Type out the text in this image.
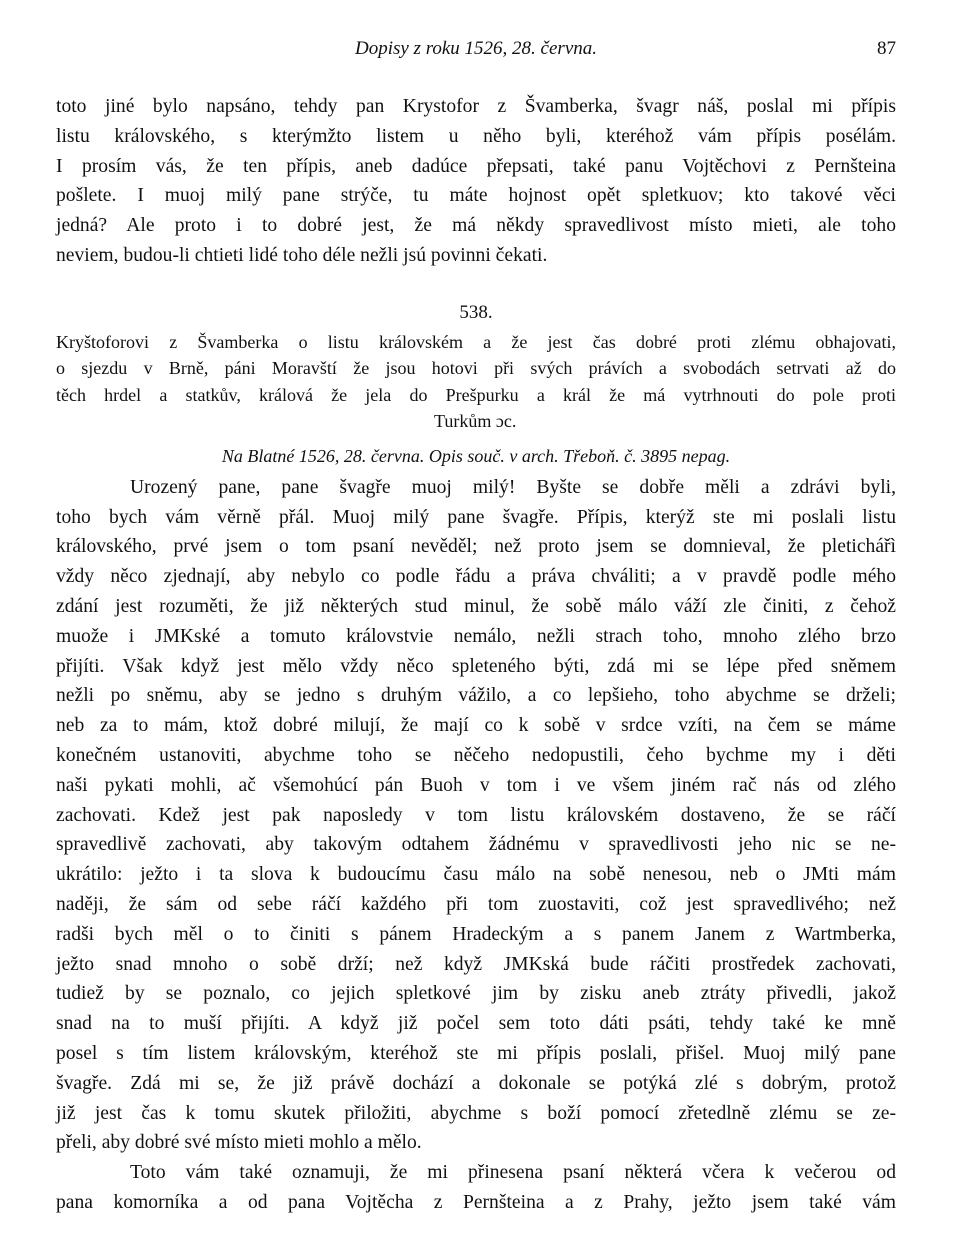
Dopisy z roku 1526, 28. června.	87

toto jiné bylo napsáno, tehdy pan Krystofor z Švamberka, švagr náš, poslal mi přípis
listu královského, s kterýmžto listem u něho byli, kteréhož vám přípis posélám.
I prosím vás, že ten přípis, aneb dadúce přepsati, také panu Vojtěchovi z Pernšteina
pošlete. I muoj milý pane strýče, tu máte hojnost opět spletkuov; kto takové věci
jedná? Ale proto i to dobré jest, že má někdy spravedlivost místo mieti, ale toho
neviem, budou-li chtieti lidé toho déle nežli jsú povinni čekati.

538.

Kryštoforovi z Švamberka o listu královském a že jest čas dobré proti zlému obhajovati,
o sjezdu v Brně, páni Moravští že jsou hotovi při svých právích a svobodách setrvati až do
těch hrdel a statkův, králová že jela do Prešpurku a král že má vytrhnouti do pole proti
Turkům ɔc.

Na Blatné 1526, 28. června. Opis souč. v arch. Třeboň. č. 3895 nepag.

Urozený pane, pane švagře muoj milý! Byšte se dobře měli a zdrávi byli,
toho bych vám věrně přál. Muoj milý pane švagře. Přípis, kterýž ste mi poslali listu
královského, prvé jsem o tom psaní nevěděl; než proto jsem se domnieval, že pletichářì
vždy něco zjednají, aby nebylo co podle řádu a práva chváliti; a v pravdě podle mého
zdání jest rozuměti, že již některých stud minul, že sobě málo váží zle činiti, z čehož
muože i JMKské a tomuto královstvie nemálo, nežli strach toho, mnoho zlého brzo
přijíti. Však když jest mělo vždy něco spleteného býti, zdá mi se lépe před sněmem
nežli po sněmu, aby se jedno s druhým vážilo, a co lepšieho, toho abychme se drželi;
neb za to mám, ktož dobré milují, že mají co k sobě v srdce vzíti, na čem se máme
konečném ustanoviti, abychme toho se něčeho nedopustili, čeho bychme my i děti
naši pykati mohli, ač všemohúcí pán Buoh v tom i ve všem jiném rač nás od zlého
zachovati. Kdež jest pak naposledy v tom listu královském dostaveno, že se ráčí
spravedlivě zachovati, aby takovým odtahem žádnému v spravedlivosti jeho nic se ne-
ukrátilo: ježto i ta slova k budoucímu času málo na sobě nenesou, neb o JMti mám
naději, že sám od sebe ráčí každého při tom zuostaviti, což jest spravedlivého; než
radši bych měl o to činiti s pánem Hradeckým a s panem Janem z Wartmberka,
ježto snad mnoho o sobě drží; než když JMKská bude ráčiti prostředek zachovati,
tudiež by se poznalo, co jejich spletkové jim by zisku aneb ztráty přivedli, jakož
snad na to muší přijíti. A když již počel sem toto dáti psáti, tehdy také ke mně
posel s tím listem královským, kteréhož ste mi přípis poslali, přišel. Muoj milý pane
švagře. Zdá mi se, že již právě dochází a dokonale se potýká zlé s dobrým, protož
již jest čas k tomu skutek přiložiti, abychme s boží pomocí zřetedlně zlému se ze-
přeli, aby dobré své místo mieti mohlo a mělo.

Toto vám také oznamuji, že mi přinesena psaní některá včera k večerou od
pana komorníka a od pana Vojtěcha z Pernšteina a z Prahy, ježto jsem také vám
